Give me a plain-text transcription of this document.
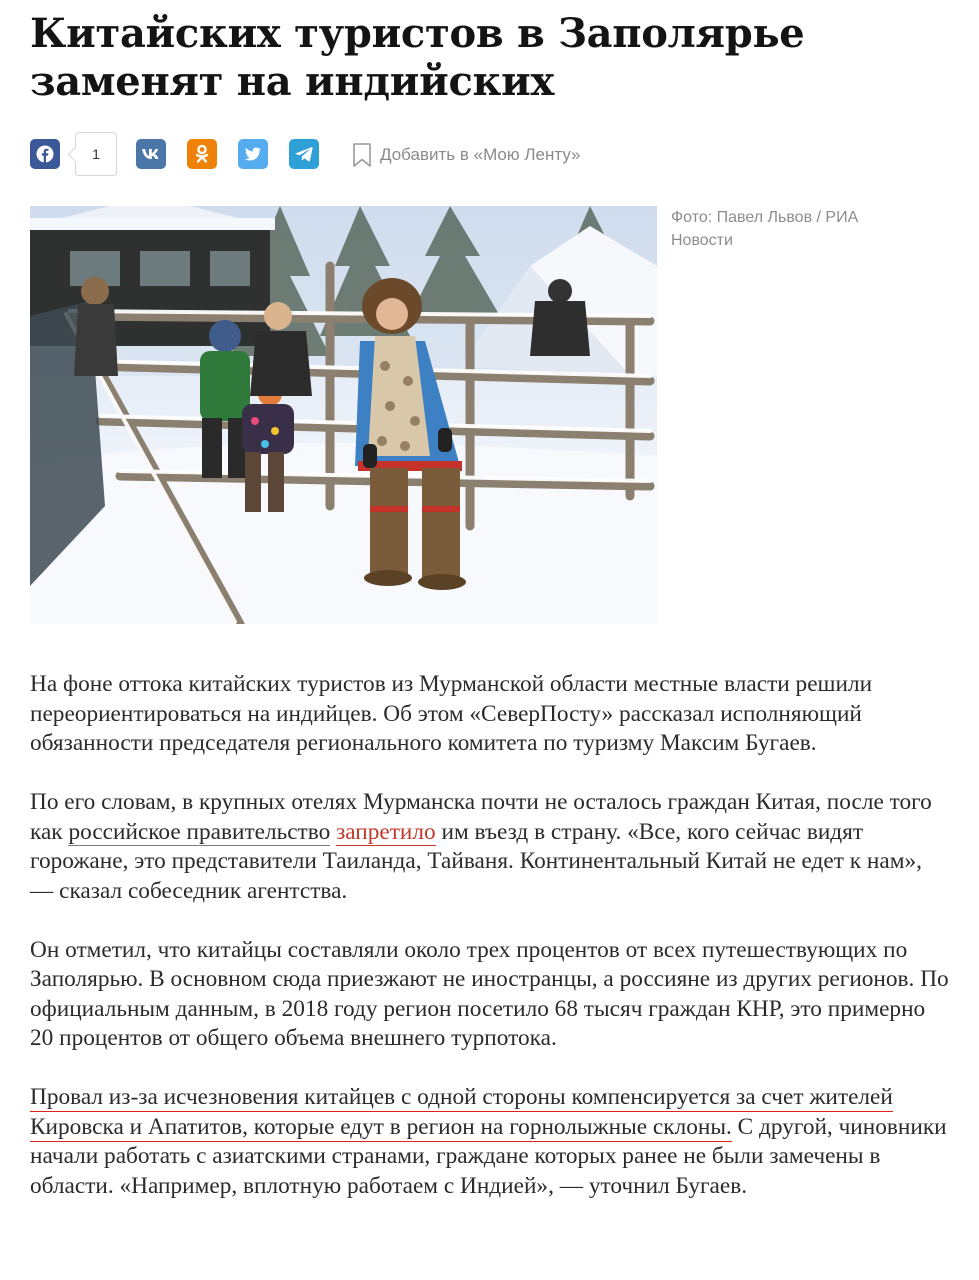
Китайских туристов в Заполярье заменят на индийских
1	Добавить в «Мою Ленту»
Фото: Павел Львов / РИА Новости

На фоне оттока китайских туристов из Мурманской области местные власти решили переориентироваться на индийцев. Об этом «СеверПосту» рассказал исполняющий обязанности председателя регионального комитета по туризму Максим Бугаев.

По его словам, в крупных отелях Мурманска почти не осталось граждан Китая, после того как российское правительство запретило им въезд в страну. «Все, кого сейчас видят горожане, это представители Таиланда, Тайваня. Континентальный Китай не едет к нам», — сказал собеседник агентства.

Он отметил, что китайцы составляли около трех процентов от всех путешествующих по Заполярью. В основном сюда приезжают не иностранцы, а россияне из других регионов. По официальным данным, в 2018 году регион посетило 68 тысяч граждан КНР, это примерно 20 процентов от общего объема внешнего турпотока.

Провал из-за исчезновения китайцев с одной стороны компенсируется за счет жителей Кировска и Апатитов, которые едут в регион на горнолыжные склоны. С другой, чиновники начали работать с азиатскими странами, граждане которых ранее не были замечены в области. «Например, вплотную работаем с Индией», — уточнил Бугаев.
